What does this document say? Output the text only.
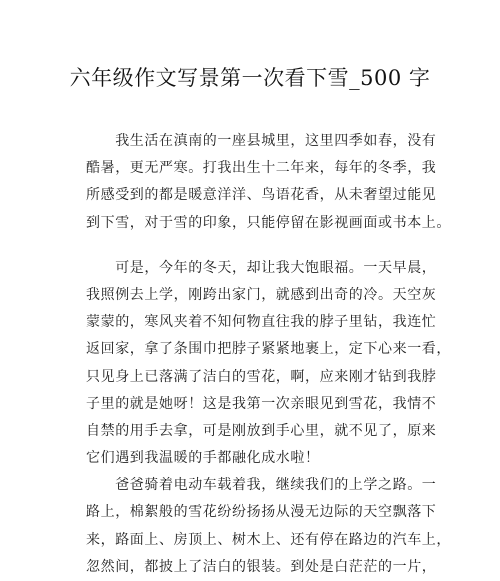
六年级作文写景第一次看下雪_500 字
　　我生活在滇南的一座县城里，这里四季如春，没有
酷暑，更无严寒。打我出生十二年来，每年的冬季，我
所感受到的都是暖意洋洋、鸟语花香，从未奢望过能见
到下雪，对于雪的印象，只能停留在影视画面或书本上。
　　可是，今年的冬天，却让我大饱眼福。一天早晨，
我照例去上学，刚跨出家门，就感到出奇的冷。天空灰
蒙蒙的，寒风夹着不知何物直往我的脖子里钻，我连忙
返回家，拿了条围巾把脖子紧紧地裹上，定下心来一看，
只见身上已落满了洁白的雪花，啊，应来刚才钻到我脖
子里的就是她呀！这是我第一次亲眼见到雪花，我情不
自禁的用手去拿，可是刚放到手心里，就不见了，原来
它们遇到我温暖的手都融化成水啦！
　　爸爸骑着电动车载着我，继续我们的上学之路。一
路上，棉絮般的雪花纷纷扬扬从漫无边际的天空飘落下
来，路面上、房顶上、树木上、还有停在路边的汽车上，
忽然间，都披上了洁白的银装。到处是白茫茫的一片，
